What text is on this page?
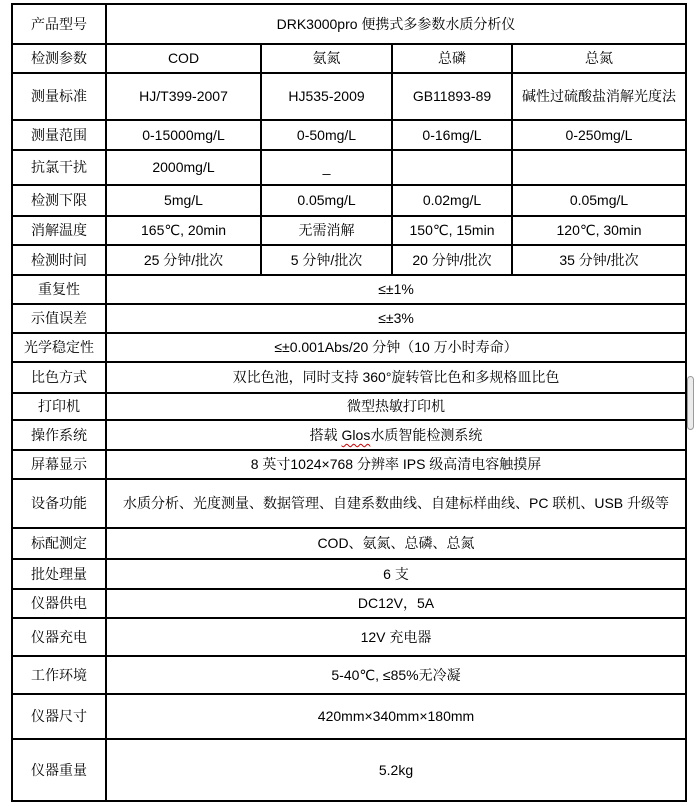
产品型号	DRK3000pro 便携式多参数水质分析仪			
检测参数	COD	氨氮	总磷	总氮
测量标准	HJ/T399-2007	HJ535-2009	GB11893-89	碱性过硫酸盐消解光度法
测量范围	0-15000mg/L	0-50mg/L	0-16mg/L	0-250mg/L
抗氯干扰	2000mg/L	_		
检测下限	5mg/L	0.05mg/L	0.02mg/L	0.05mg/L
消解温度	165℃, 20min	无需消解	150℃, 15min	120℃, 30min
检测时间	25 分钟/批次	5 分钟/批次	20 分钟/批次	35 分钟/批次
重复性	≤±1%			
示值误差	≤±3%			
光学稳定性	≤±0.001Abs/20 分钟（10 万小时寿命）			
比色方式	双比色池，同时支持 360°旋转管比色和多规格皿比色			
打印机	微型热敏打印机			
操作系统	搭载 Glos水质智能检测系统			
屏幕显示	8 英寸1024×768 分辨率 IPS 级高清电容触摸屏			
设备功能	水质分析、光度测量、数据管理、自建系数曲线、自建标样曲线、PC 联机、USB 升级等			
标配测定	COD、氨氮、总磷、总氮			
批处理量	6 支			
仪器供电	DC12V，5A			
仪器充电	12V 充电器			
工作环境	5-40℃, ≤85%无冷凝			
仪器尺寸	420mm×340mm×180mm			
仪器重量	5.2kg			
